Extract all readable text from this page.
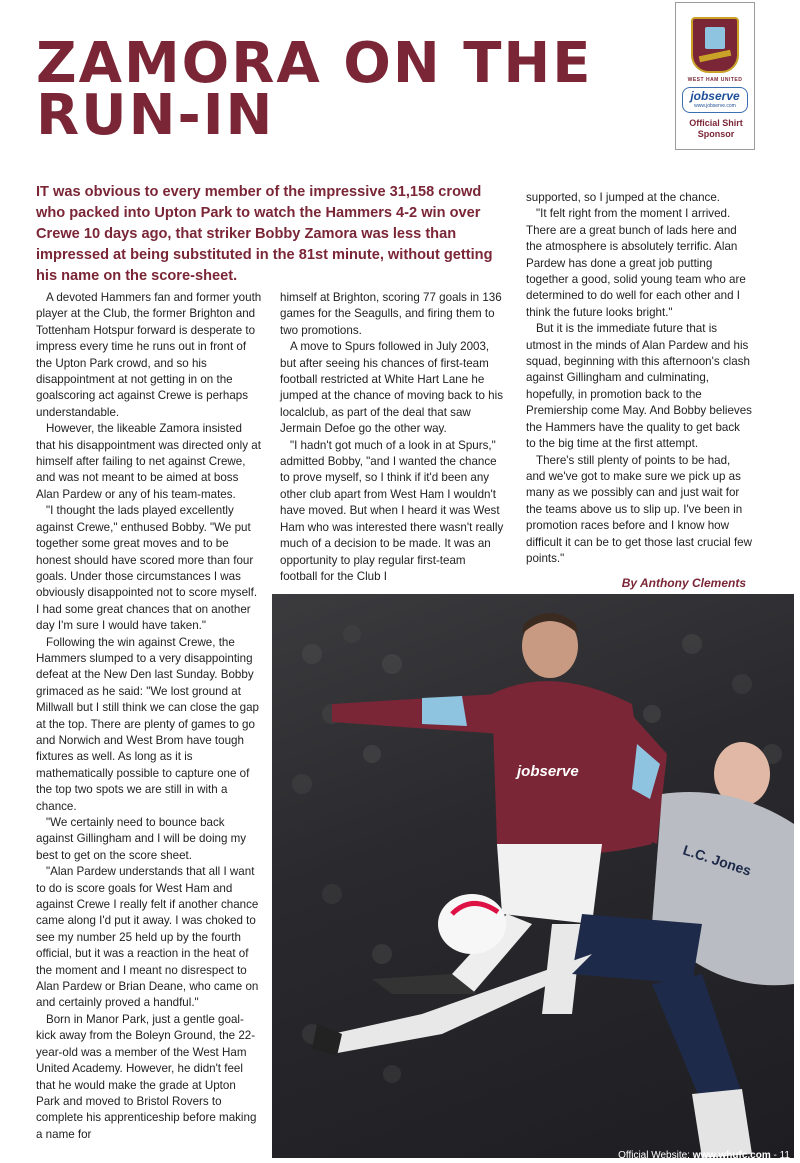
ZAMORA ON THE RUN-IN
WEST HAM UNITED
jobserve
www.jobserve.com
Official Shirt Sponsor
IT was obvious to every member of the impressive 31,158 crowd who packed into Upton Park to watch the Hammers 4-2 win over Crewe 10 days ago, that striker Bobby Zamora was less than impressed at being substituted in the 81st minute, without getting his name on the score-sheet.

A devoted Hammers fan and former youth player at the Club, the former Brighton and Tottenham Hotspur forward is desperate to impress every time he runs out in front of the Upton Park crowd, and so his disappointment at not getting in on the goalscoring act against Crewe is perhaps understandable.

However, the likeable Zamora insisted that his disappointment was directed only at himself after failing to net against Crewe, and was not meant to be aimed at boss Alan Pardew or any of his team-mates.

"I thought the lads played excellently against Crewe," enthused Bobby. "We put together some great moves and to be honest should have scored more than four goals. Under those circumstances I was obviously disappointed not to score myself. I had some great chances that on another day I'm sure I would have taken."

Following the win against Crewe, the Hammers slumped to a very disappointing defeat at the New Den last Sunday. Bobby grimaced as he said: "We lost ground at Millwall but I still think we can close the gap at the top. There are plenty of games to go and Norwich and West Brom have tough fixtures as well. As long as it is mathematically possible to capture one of the top two spots we are still in with a chance.

"We certainly need to bounce back against Gillingham and I will be doing my best to get on the score sheet.

"Alan Pardew understands that all I want to do is score goals for West Ham and against Crewe I really felt if another chance came along I'd put it away. I was choked to see my number 25 held up by the fourth official, but it was a reaction in the heat of the moment and I meant no disrespect to Alan Pardew or Brian Deane, who came on and certainly proved a handful."

Born in Manor Park, just a gentle goal-kick away from the Boleyn Ground, the 22-year-old was a member of the West Ham United Academy. However, he didn't feel that he would make the grade at Upton Park and moved to Bristol Rovers to complete his apprenticeship before making a name for

himself at Brighton, scoring 77 goals in 136 games for the Seagulls, and firing them to two promotions.

A move to Spurs followed in July 2003, but after seeing his chances of first-team football restricted at White Hart Lane he jumped at the chance of moving back to his localclub, as part of the deal that saw Jermain Defoe go the other way.

"I hadn't got much of a look in at Spurs," admitted Bobby, "and I wanted the chance to prove myself, so I think if it'd been any other club apart from West Ham I wouldn't have moved. But when I heard it was West Ham who was interested there wasn't really much of a decision to be made. It was an opportunity to play regular first-team football for the Club I

supported, so I jumped at the chance.

"It felt right from the moment I arrived. There are a great bunch of lads here and the atmosphere is absolutely terrific. Alan Pardew has done a great job putting together a good, solid young team who are determined to do well for each other and I think the future looks bright."

But it is the immediate future that is utmost in the minds of Alan Pardew and his squad, beginning with this afternoon's clash against Gillingham and culminating, hopefully, in promotion back to the Premiership come May. And Bobby believes the Hammers have the quality to get back to the big time at the first attempt.

There's still plenty of points to be had, and we've got to make sure we pick up as many as we possibly can and just wait for the teams above us to slip up. I've been in promotion races before and I know how difficult it can be to get those last crucial few points."

By Anthony Clements
jobserve
L.C. Jones
Official Website: www.whufc.com - 11
